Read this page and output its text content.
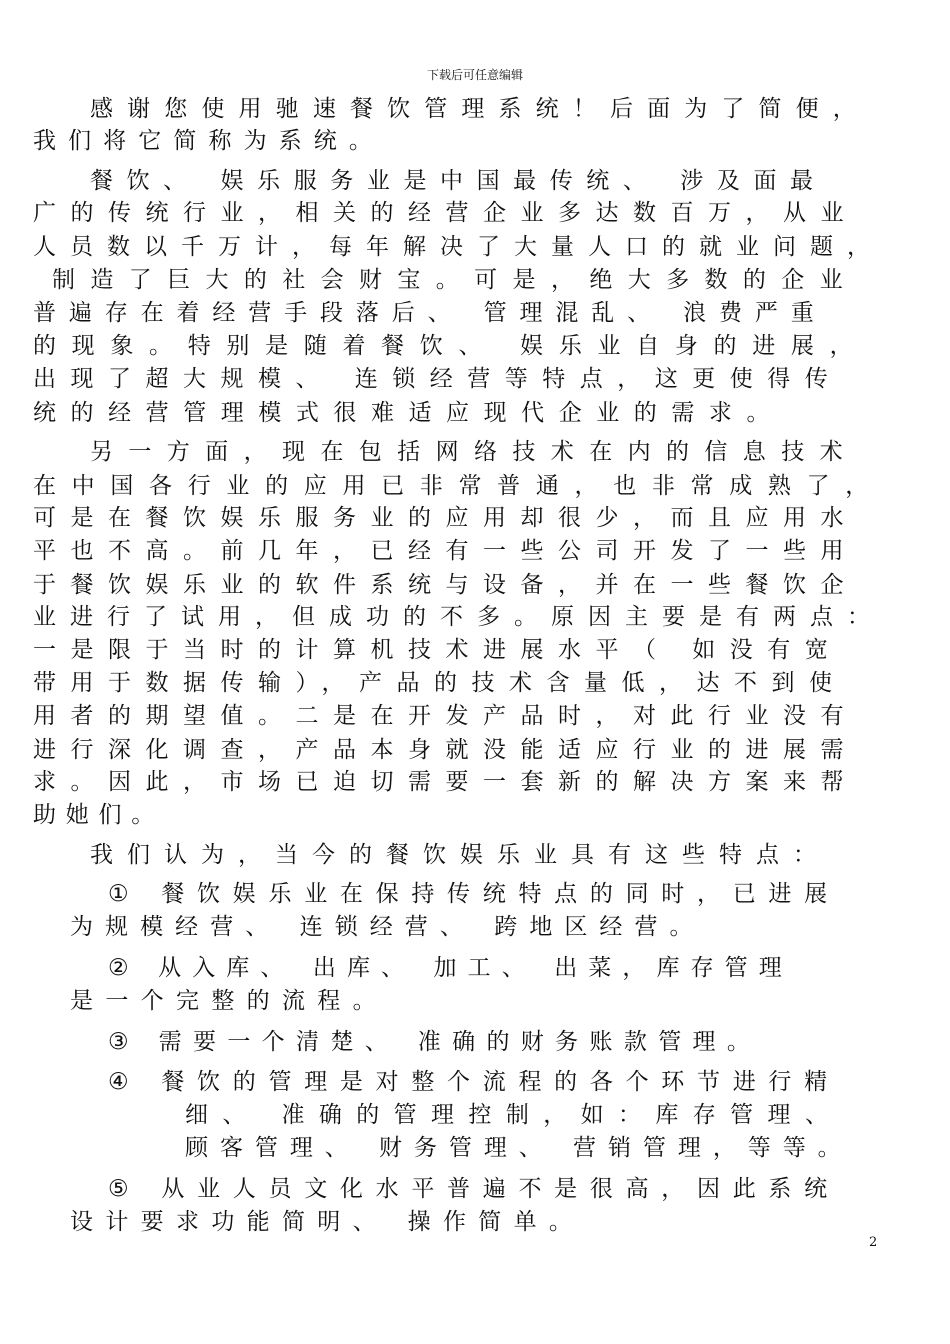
下载后可任意编辑
感谢您使用驰速餐饮管理系统！后面为了简便，
我们将它简称为系统。
餐饮、 娱乐服务业是中国最传统、 涉及面最
广的传统行业，相关的经营企业多达数百万，从业
人员数以千万计，每年解决了大量人口的就业问题，
制造了巨大的社会财宝。可是，绝大多数的企业
普遍存在着经营手段落后、 管理混乱、 浪费严重
的现象。特别是随着餐饮、 娱乐业自身的进展，
出现了超大规模、 连锁经营等特点，这更使得传
统的经营管理模式很难适应现代企业的需求。
另一方面，现在包括网络技术在内的信息技术
在中国各行业的应用已非常普通，也非常成熟了，
可是在餐饮娱乐服务业的应用却很少，而且应用水
平也不高。前几年，已经有一些公司开发了一些用
于餐饮娱乐业的软件系统与设备，并在一些餐饮企
业进行了试用，但成功的不多。原因主要是有两点：
一是限于当时的计算机技术进展水平（ 如没有宽
带用于数据传输），产品的技术含量低，达不到使
用者的期望值。二是在开发产品时，对此行业没有
进行深化调查，产品本身就没能适应行业的进展需
求。因此，市场已迫切需要一套新的解决方案来帮
助她们。
我们认为，当今的餐饮娱乐业具有这些特点：
① 餐饮娱乐业在保持传统特点的同时，已进展
为规模经营、 连锁经营、 跨地区经营。
② 从入库、 出库、 加工、 出菜，库存管理
是一个完整的流程。
③ 需要一个清楚、 准确的财务账款管理。
④ 餐饮的管理是对整个流程的各个环节进行精
细、 准确的管理控制，如：库存管理、
顾客管理、 财务管理、 营销管理，等等。
⑤ 从业人员文化水平普遍不是很高，因此系统
设计要求功能简明、 操作简单。
2
